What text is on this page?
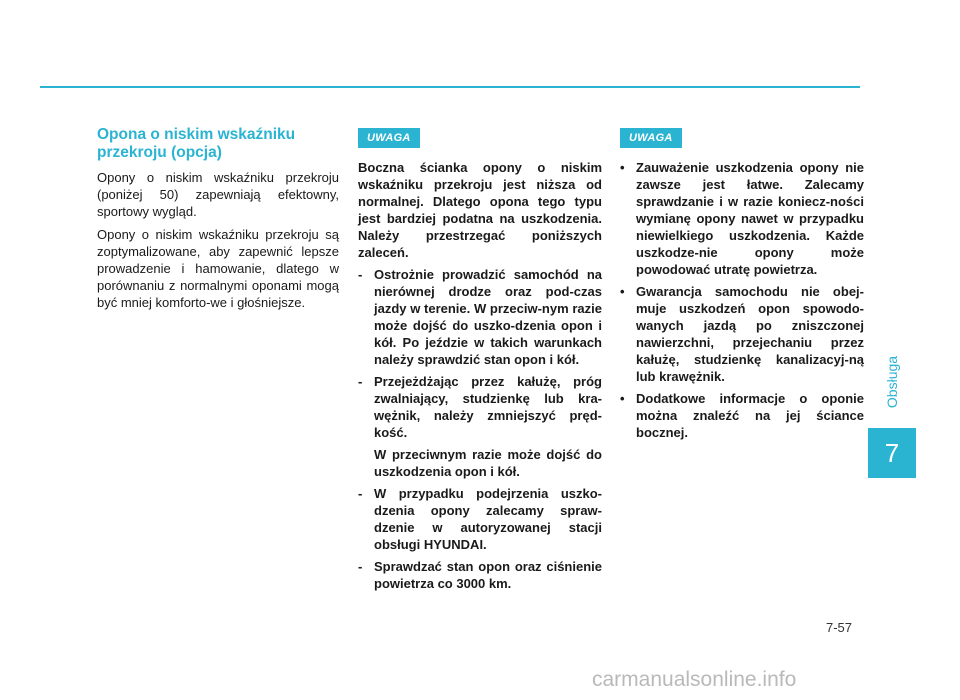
Opona o niskim wskaźniku przekroju (opcja)

Opony o niskim wskaźniku przekroju (poniżej 50) zapewniają efektowny, sportowy wygląd.

Opony o niskim wskaźniku przekroju są zoptymalizowane, aby zapewnić lepsze prowadzenie i hamowanie, dlatego w porównaniu z normalnymi oponami mogą być mniej komforto-we i głośniejsze.

UWAGA

Boczna ścianka opony o niskim wskaźniku przekroju jest niższa od normalnej. Dlatego opona tego typu jest bardziej podatna na uszkodzenia. Należy przestrzegać poniższych zaleceń.

- Ostrożnie prowadzić samochód na nierównej drodze oraz pod-czas jazdy w terenie. W przeciw-nym razie może dojść do uszko-dzenia opon i kół. Po jeździe w takich warunkach należy sprawdzić stan opon i kół.
- Przejeżdżając przez kałużę, próg zwalniający, studzienkę lub kra-wężnik, należy zmniejszyć pręd-kość.
W przeciwnym razie może dojść do uszkodzenia opon i kół.
- W przypadku podejrzenia uszko-dzenia opony zalecamy spraw-dzenie w autoryzowanej stacji obsługi HYUNDAI.
- Sprawdzać stan opon oraz ciśnienie powietrza co 3000 km.
UWAGA
• Zauważenie uszkodzenia opony nie zawsze jest łatwe. Zalecamy sprawdzanie i w razie koniecz-ności wymianę opony nawet w przypadku niewielkiego uszkodzenia. Każde uszkodze-nie opony może powodować utratę powietrza.
• Gwarancja samochodu nie obej-muje uszkodzeń opon spowodo-wanych jazdą po zniszczonej nawierzchni, przejechaniu przez kałużę, studzienkę kanalizacyj-ną lub krawężnik.
• Dodatkowe informacje o oponie można znaleźć na jej ściance bocznej.
Obsługa
7
7-57
carmanualsonline.info
